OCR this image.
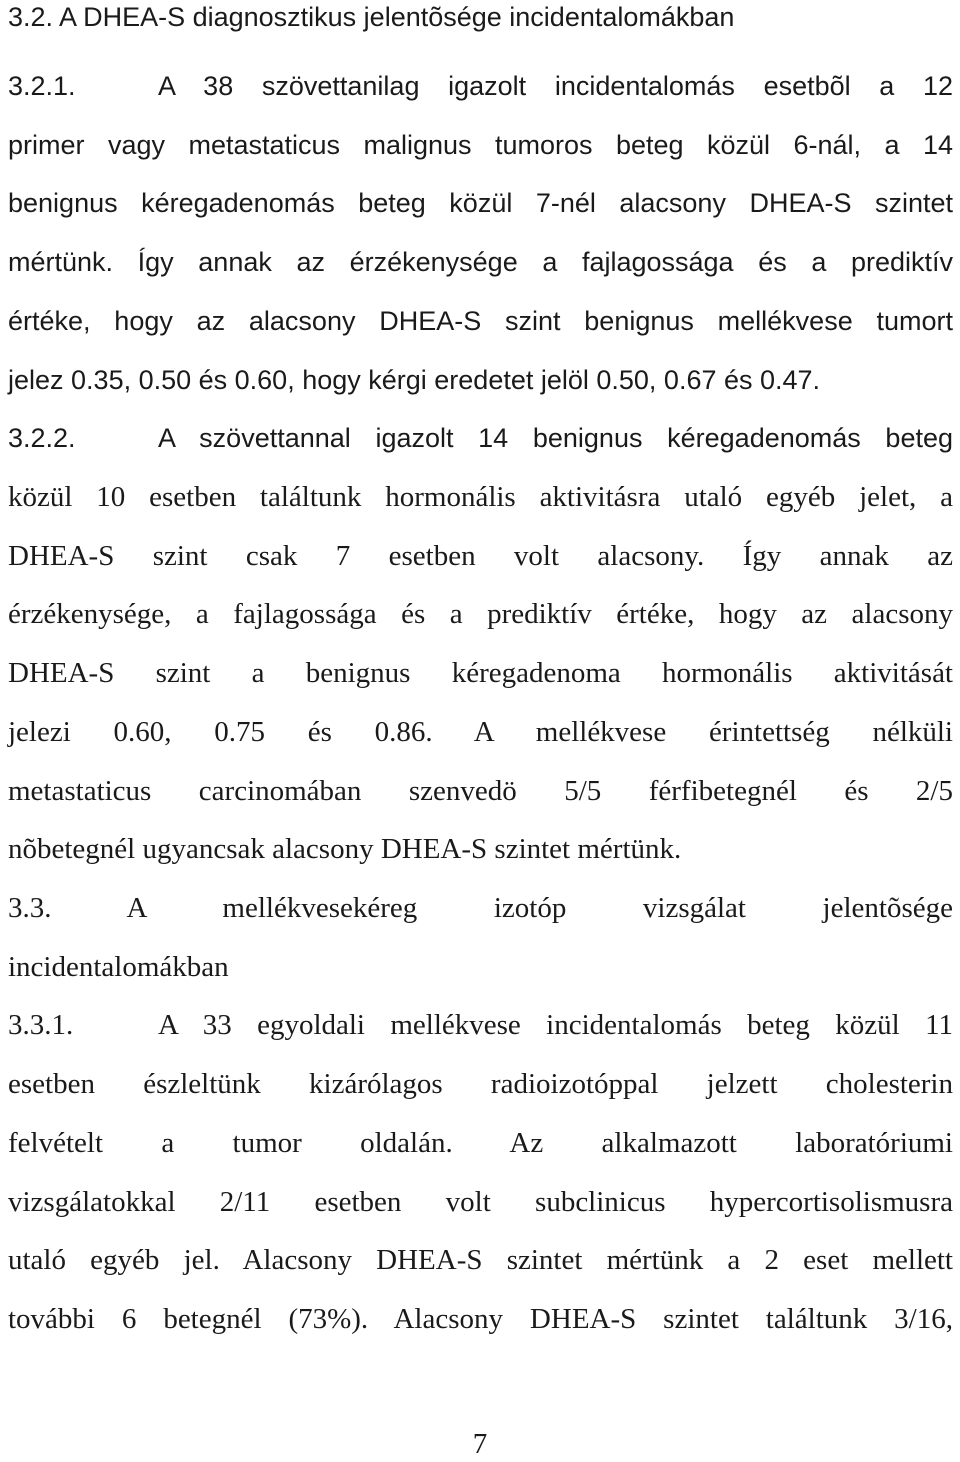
3.2. A DHEA-S diagnosztikus jelentõsége incidentalomákban
3.2.1.	A 38 szövettanilag igazolt incidentalomás esetbõl a 12
primer vagy metastaticus malignus tumoros beteg közül 6-nál, a 14
benignus kéregadenomás beteg közül 7-nél alacsony DHEA-S szintet
mértünk. Így annak az érzékenysége a fajlagossága és a prediktív
értéke, hogy az alacsony DHEA-S szint benignus mellékvese tumort
jelez 0.35, 0.50 és 0.60, hogy kérgi eredetet jelöl 0.50, 0.67 és 0.47.
3.2.2.	A szövettannal igazolt 14 benignus kéregadenomás beteg
közül 10 esetben találtunk hormonális aktivitásra utaló egyéb jelet, a
DHEA-S szint csak 7 esetben volt alacsony. Így annak az
érzékenysége, a fajlagossága és a prediktív értéke, hogy az alacsony
DHEA-S szint a benignus kéregadenoma hormonális aktivitását
jelezi 0.60, 0.75 és 0.86. A mellékvese érintettség nélküli
metastaticus carcinomában szenvedö 5/5 férfibetegnél és 2/5
nõbetegnél ugyancsak alacsony DHEA-S szintet mértünk.
3.3. A mellékvesekéreg izotóp vizsgálat jelentõsége
incidentalomákban
3.3.1.	A 33 egyoldali mellékvese incidentalomás beteg közül 11
esetben észleltünk kizárólagos radioizotóppal jelzett cholesterin
felvételt a tumor oldalán. Az alkalmazott laboratóriumi
vizsgálatokkal 2/11 esetben volt subclinicus hypercortisolismusra
utaló egyéb jel. Alacsony DHEA-S szintet mértünk a 2 eset mellett
további 6 betegnél (73%). Alacsony DHEA-S szintet találtunk 3/16,
7
